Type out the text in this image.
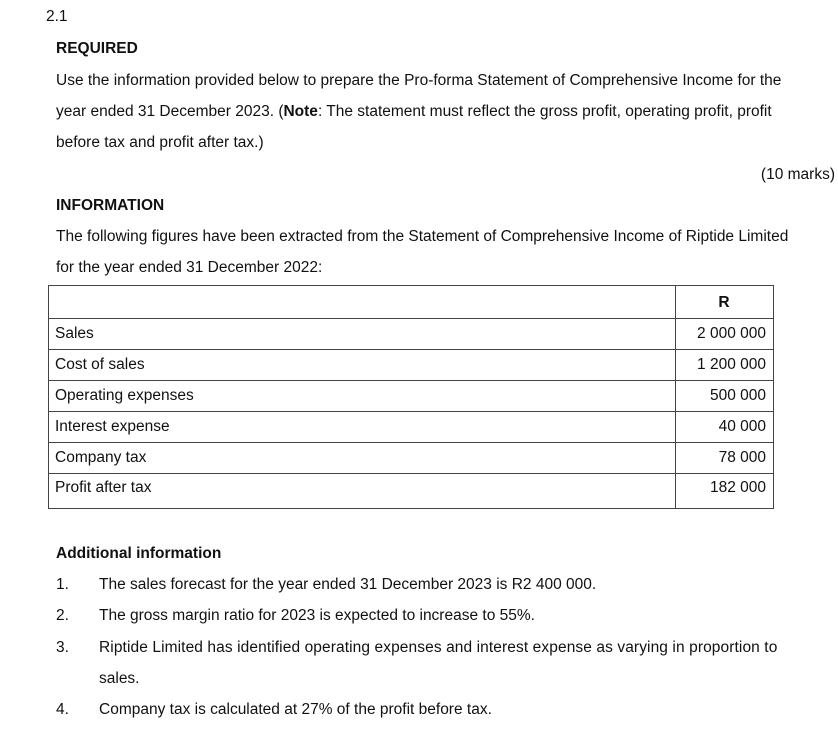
2.1
REQUIRED
Use the information provided below to prepare the Pro-forma Statement of Comprehensive Income for the
year ended 31 December 2023. (Note: The statement must reflect the gross profit, operating profit, profit
before tax and profit after tax.)
(10 marks)
INFORMATION
The following figures have been extracted from the Statement of Comprehensive Income of Riptide Limited
for the year ended 31 December 2022:
	R
Sales	2 000 000
Cost of sales	1 200 000
Operating expenses	500 000
Interest expense	40 000
Company tax	78 000
Profit after tax	182 000
Additional information
1. The sales forecast for the year ended 31 December 2023 is R2 400 000.
2. The gross margin ratio for 2023 is expected to increase to 55%.
3. Riptide Limited has identified operating expenses and interest expense as varying in proportion to
sales.
4. Company tax is calculated at 27% of the profit before tax.
